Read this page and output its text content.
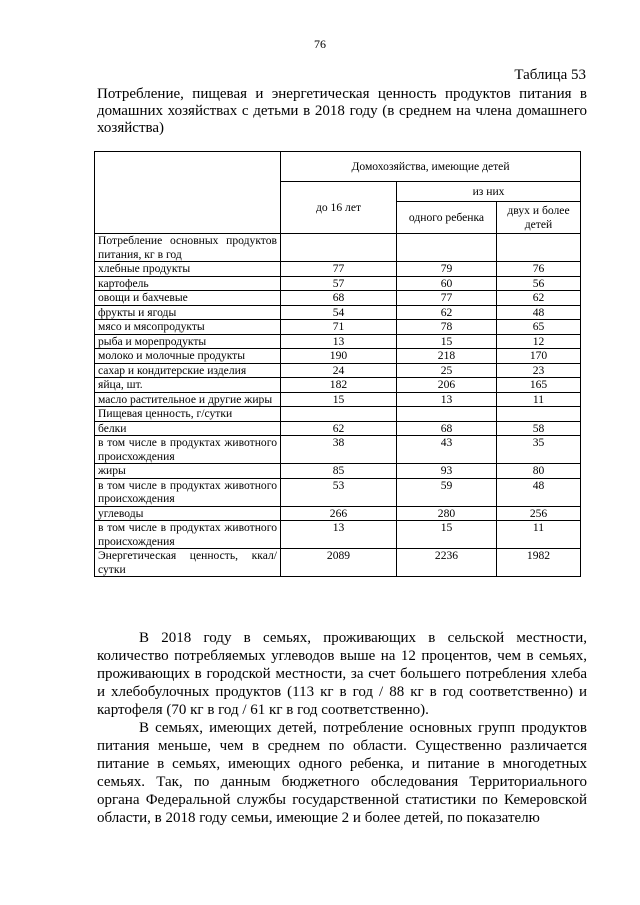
76
Таблица 53
Потребление, пищевая и энергетическая ценность продуктов питания в домашних хозяйствах с детьми в 2018 году (в среднем на члена домашнего хозяйства)
	Домохозяйства, имеющие детей		
	до 16 лет	из них	
		одного ребенка	двух и более детей
Потребление основных продуктов питания, кг в год			
хлебные продукты	77	79	76
картофель	57	60	56
овощи и бахчевые	68	77	62
фрукты и ягоды	54	62	48
мясо и мясопродукты	71	78	65
рыба и морепродукты	13	15	12
молоко и молочные продукты	190	218	170
сахар и кондитерские изделия	24	25	23
яйца, шт.	182	206	165
масло растительное и другие жиры	15	13	11
Пищевая ценность, г/сутки			
белки	62	68	58
в том числе в продуктах животного происхождения	38	43	35
жиры	85	93	80
в том числе в продуктах животного происхождения	53	59	48
углеводы	266	280	256
в том числе в продуктах животного происхождения	13	15	11
Энергетическая ценность, ккал/ сутки	2089	2236	1982

В 2018 году в семьях, проживающих в сельской местности, количество потребляемых углеводов выше на 12 процентов, чем в семьях, проживающих в городской местности, за счет большего потребления хлеба и хлебобулочных продуктов (113 кг в год / 88 кг в год соответственно) и картофеля (70 кг в год / 61 кг в год соответственно).

В семьях, имеющих детей, потребление основных групп продуктов питания меньше, чем в среднем по области. Существенно различается питание в семьях, имеющих одного ребенка, и питание в многодетных семьях. Так, по данным бюджетного обследования Территориального органа Федеральной службы государственной статистики по Кемеровской области, в 2018 году семьи, имеющие 2 и более детей, по показателю
